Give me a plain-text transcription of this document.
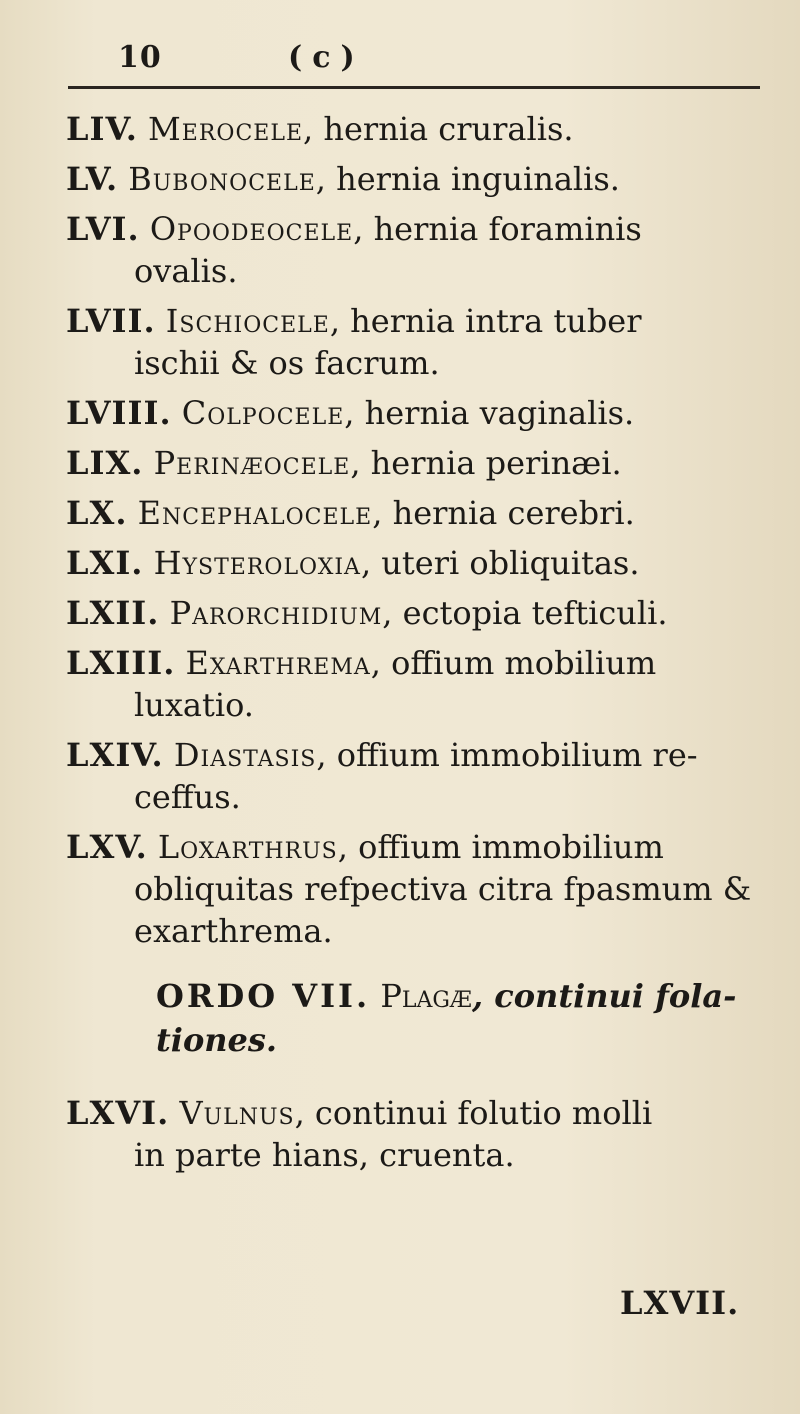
10	(c)

LIV. Merocele, hernia cruralis.

LV. Bubonocele, hernia inguinalis.

LVI. Opoodeocele, hernia foraminis
ovalis.

LVII. Ischiocele, hernia intra tuber
ischii & os facrum.

LVIII. Colpocele, hernia vaginalis.

LIX. Perinæocele, hernia perinæi.

LX. Encephalocele, hernia cerebri.

LXI. Hysteroloxia, uteri obliquitas.

LXII. Parorchidium, ectopia tefticuli.

LXIII. Exarthrema, offium mobilium
luxatio.

LXIV. Diastasis, offium immobilium re-
ceffus.

LXV. Loxarthrus, offium immobilium
obliquitas refpectiva citra fpasmum & exarthrema.

ORDO VII. Plagæ, continui fola-
tiones.

LXVI. Vulnus, continui folutio molli
in parte hians, cruenta.

LXVII.
